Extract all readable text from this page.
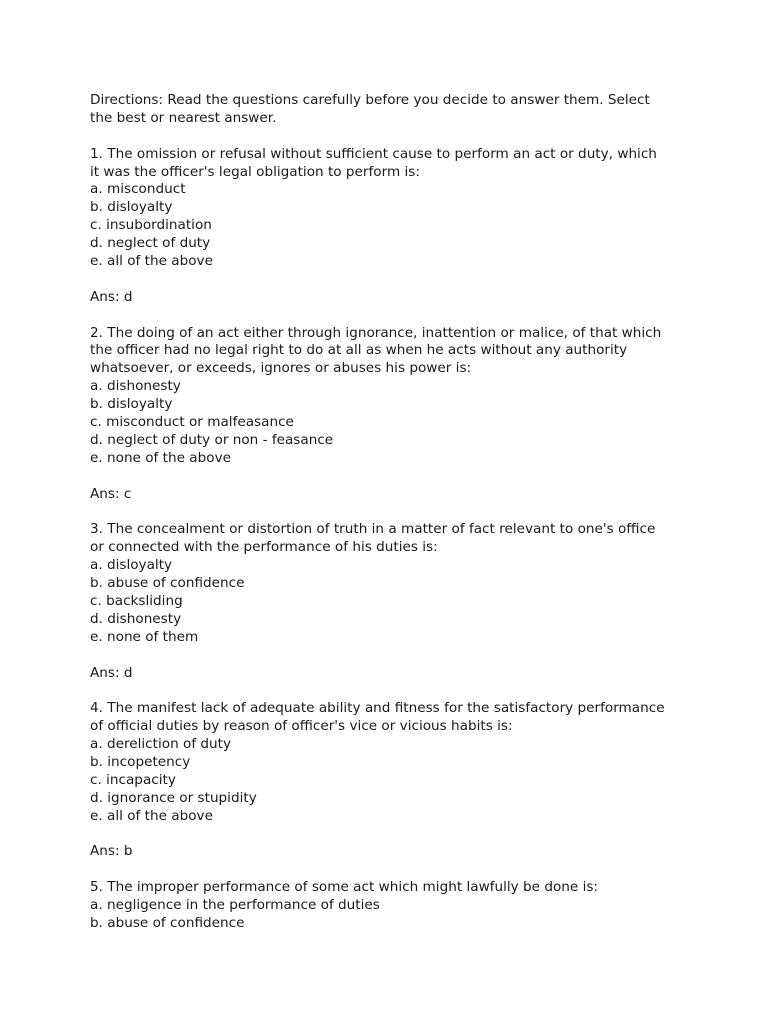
Directions: Read the questions carefully before you decide to answer them. Select
the best or nearest answer.
1. The omission or refusal without sufficient cause to perform an act or duty, which
it was the officer's legal obligation to perform is:
a. misconduct
b. disloyalty
c. insubordination
d. neglect of duty
e. all of the above
Ans: d
2. The doing of an act either through ignorance, inattention or malice, of that which
the officer had no legal right to do at all as when he acts without any authority
whatsoever, or exceeds, ignores or abuses his power is:
a. dishonesty
b. disloyalty
c. misconduct or malfeasance
d. neglect of duty or non - feasance
e. none of the above
Ans: c
3. The concealment or distortion of truth in a matter of fact relevant to one's office
or connected with the performance of his duties is:
a. disloyalty
b. abuse of confidence
c. backsliding
d. dishonesty
e. none of them
Ans: d
4. The manifest lack of adequate ability and fitness for the satisfactory performance
of official duties by reason of officer's vice or vicious habits is:
a. dereliction of duty
b. incopetency
c. incapacity
d. ignorance or stupidity
e. all of the above
Ans: b
5. The improper performance of some act which might lawfully be done is:
a. negligence in the performance of duties
b. abuse of confidence
